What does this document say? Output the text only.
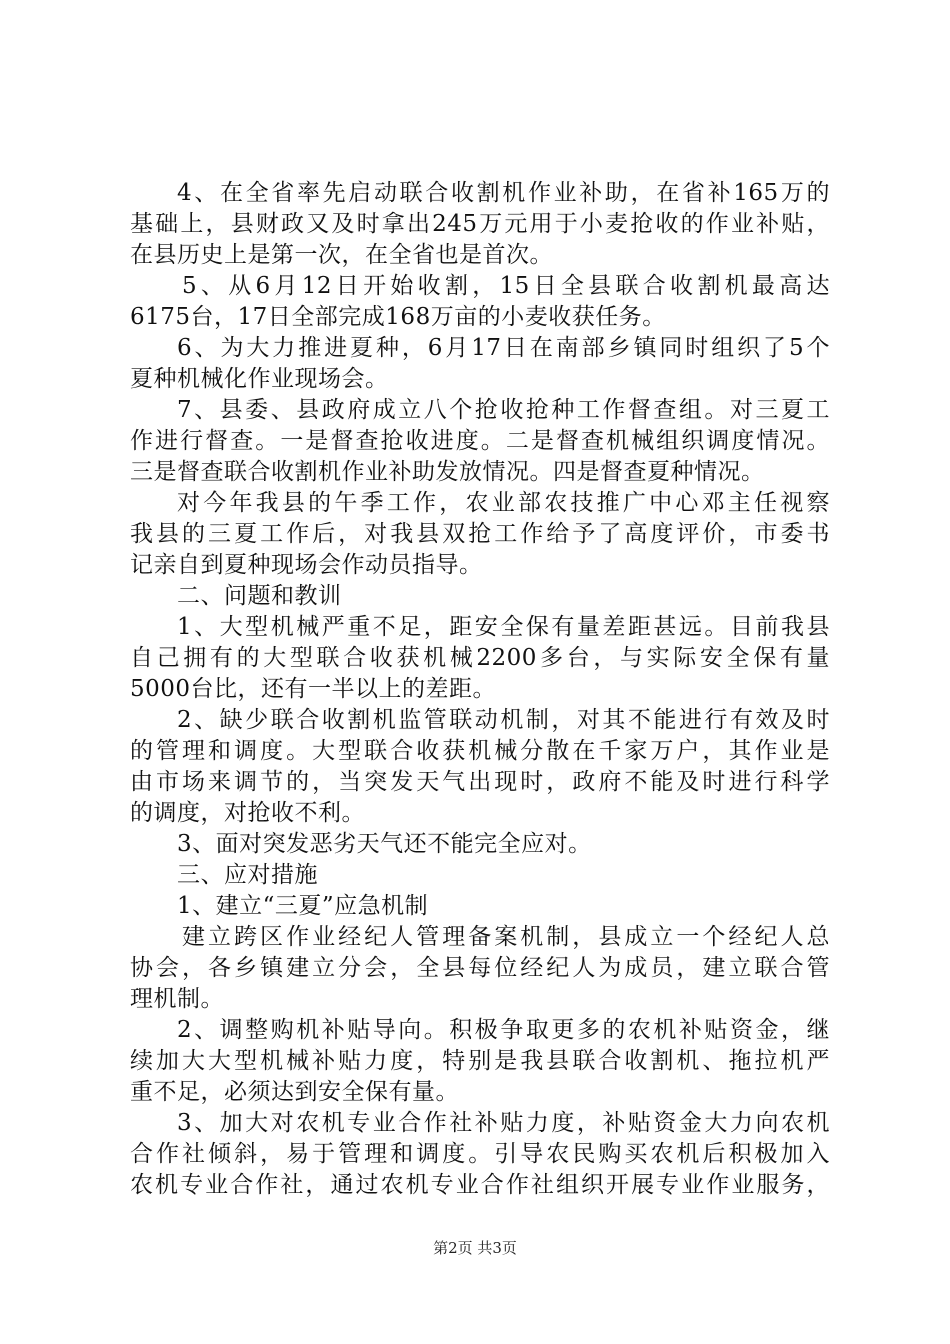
4、在全省率先启动联合收割机作业补助，在省补165万的
基础上，县财政又及时拿出245万元用于小麦抢收的作业补贴，
在县历史上是第一次，在全省也是首次。
5、从6月12日开始收割，15日全县联合收割机最高达
6175台，17日全部完成168万亩的小麦收获任务。
6、为大力推进夏种，6月17日在南部乡镇同时组织了5个
夏种机械化作业现场会。
7、县委、县政府成立八个抢收抢种工作督查组。对三夏工
作进行督查。一是督查抢收进度。二是督查机械组织调度情况。
三是督查联合收割机作业补助发放情况。四是督查夏种情况。
对今年我县的午季工作，农业部农技推广中心邓主任视察
我县的三夏工作后，对我县双抢工作给予了高度评价，市委书
记亲自到夏种现场会作动员指导。
二、问题和教训
1、大型机械严重不足，距安全保有量差距甚远。目前我县
自己拥有的大型联合收获机械2200多台，与实际安全保有量
5000台比，还有一半以上的差距。
2、缺少联合收割机监管联动机制，对其不能进行有效及时
的管理和调度。大型联合收获机械分散在千家万户，其作业是
由市场来调节的，当突发天气出现时，政府不能及时进行科学
的调度，对抢收不利。
3、面对突发恶劣天气还不能完全应对。
三、应对措施
1、建立“三夏”应急机制
建立跨区作业经纪人管理备案机制，县成立一个经纪人总
协会，各乡镇建立分会，全县每位经纪人为成员，建立联合管
理机制。
2、调整购机补贴导向。积极争取更多的农机补贴资金，继
续加大大型机械补贴力度，特别是我县联合收割机、拖拉机严
重不足，必须达到安全保有量。
3、加大对农机专业合作社补贴力度，补贴资金大力向农机
合作社倾斜，易于管理和调度。引导农民购买农机后积极加入
农机专业合作社，通过农机专业合作社组织开展专业作业服务，
第2页 共3页
